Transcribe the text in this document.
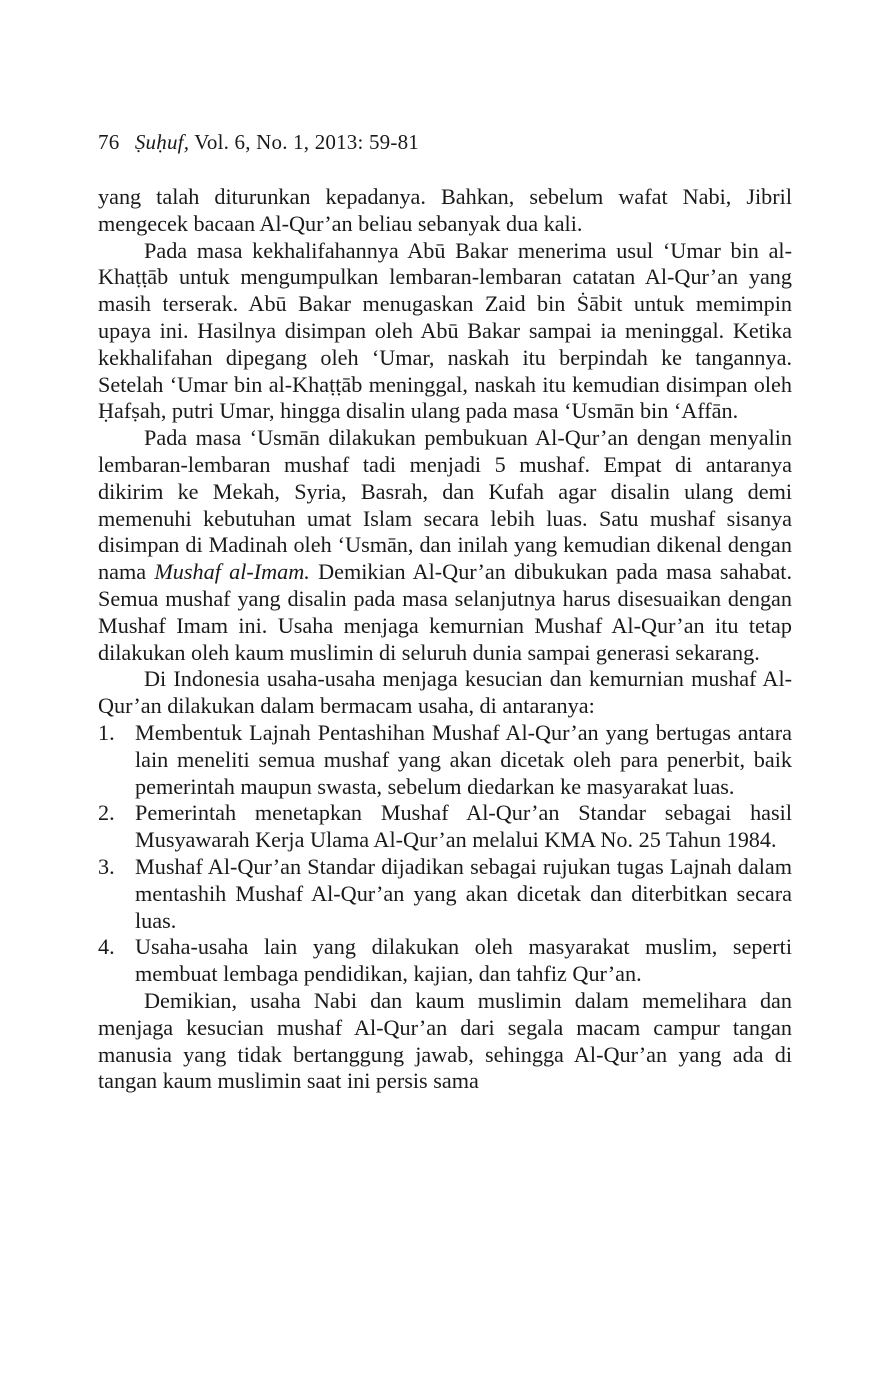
76 Ṣuḥuf, Vol. 6, No. 1, 2013: 59-81

yang talah diturunkan kepadanya. Bahkan, sebelum wafat Nabi, Jibril mengecek bacaan Al-Qur’an beliau sebanyak dua kali.

Pada masa kekhalifahannya Abū Bakar menerima usul ‘Umar bin al-Khaṭṭāb untuk mengumpulkan lembaran-lembaran catatan Al-Qur’an yang masih terserak. Abū Bakar menugaskan Zaid bin Ṡābit untuk memimpin upaya ini. Hasilnya disimpan oleh Abū Bakar sampai ia meninggal. Ketika kekhalifahan dipegang oleh ‘Umar, naskah itu berpindah ke tangannya. Setelah ‘Umar bin al-Khaṭṭāb meninggal, naskah itu kemudian disimpan oleh Ḥafṣah, putri Umar, hingga disalin ulang pada masa ‘Usmān bin ‘Affān.

Pada masa ‘Usmān dilakukan pembukuan Al-Qur’an dengan menyalin lembaran-lembaran mushaf tadi menjadi 5 mushaf. Empat di antaranya dikirim ke Mekah, Syria, Basrah, dan Kufah agar disalin ulang demi memenuhi kebutuhan umat Islam secara lebih luas. Satu mushaf sisanya disimpan di Madinah oleh ‘Usmān, dan inilah yang kemudian dikenal dengan nama Mushaf al-Imam. Demikian Al-Qur’an dibukukan pada masa sahabat. Semua mushaf yang disalin pada masa selanjutnya harus disesuaikan dengan Mushaf Imam ini. Usaha menjaga kemurnian Mushaf Al-Qur’an itu tetap dilakukan oleh kaum muslimin di seluruh dunia sampai generasi sekarang.

Di Indonesia usaha-usaha menjaga kesucian dan kemurnian mushaf Al-Qur’an dilakukan dalam bermacam usaha, di antaranya:

1. Membentuk Lajnah Pentashihan Mushaf Al-Qur’an yang bertugas antara lain meneliti semua mushaf yang akan dicetak oleh para penerbit, baik pemerintah maupun swasta, sebelum diedarkan ke masyarakat luas.
2. Pemerintah menetapkan Mushaf Al-Qur’an Standar sebagai hasil Musyawarah Kerja Ulama Al-Qur’an melalui KMA No. 25 Tahun 1984.
3. Mushaf Al-Qur’an Standar dijadikan sebagai rujukan tugas Lajnah dalam mentashih Mushaf Al-Qur’an yang akan dicetak dan diterbitkan secara luas.
4. Usaha-usaha lain yang dilakukan oleh masyarakat muslim, seperti membuat lembaga pendidikan, kajian, dan tahfiz Qur’an.

Demikian, usaha Nabi dan kaum muslimin dalam memelihara dan menjaga kesucian mushaf Al-Qur’an dari segala macam campur tangan manusia yang tidak bertanggung jawab, sehingga Al-Qur’an yang ada di tangan kaum muslimin saat ini persis sama
